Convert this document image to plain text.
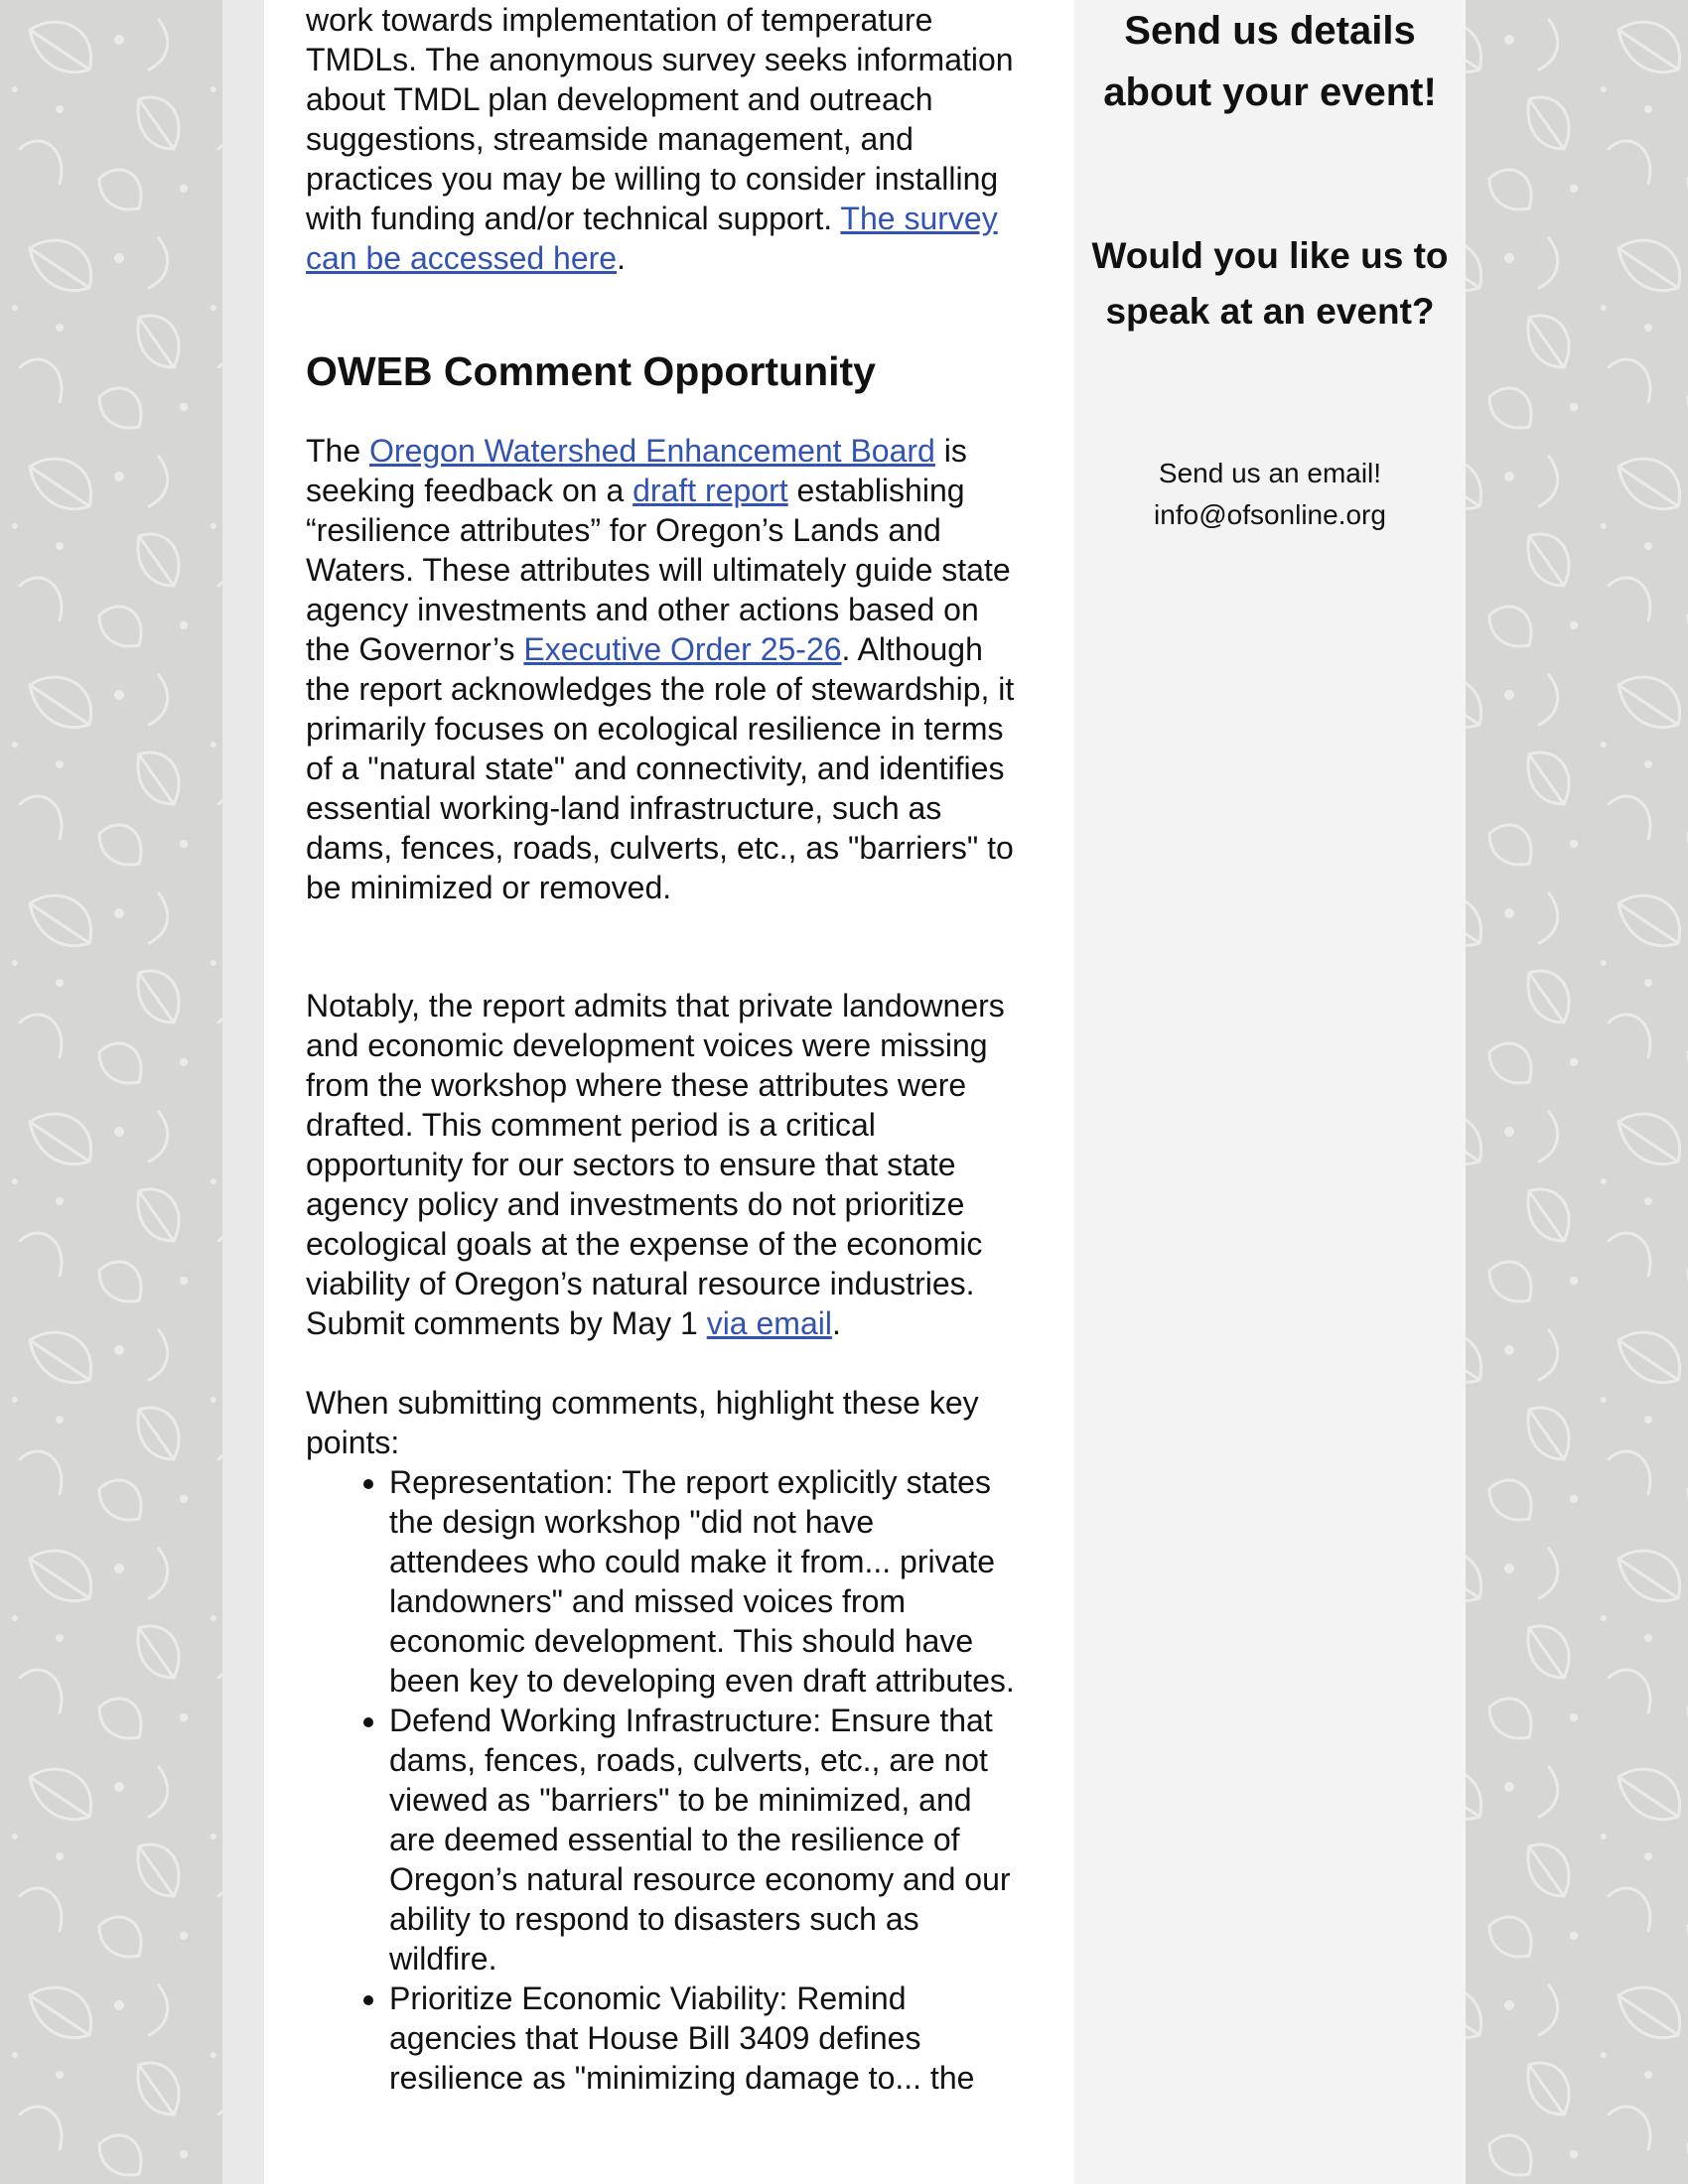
work towards implementation of temperature TMDLs. The anonymous survey seeks information about TMDL plan development and outreach suggestions, streamside management, and practices you may be willing to consider installing with funding and/or technical support. The survey can be accessed here.

OWEB Comment Opportunity

The Oregon Watershed Enhancement Board is seeking feedback on a draft report establishing “resilience attributes” for Oregon’s Lands and Waters. These attributes will ultimately guide state agency investments and other actions based on the Governor’s Executive Order 25-26. Although the report acknowledges the role of stewardship, it primarily focuses on ecological resilience in terms of a "natural state" and connectivity, and identifies essential working-land infrastructure, such as dams, fences, roads, culverts, etc., as "barriers" to be minimized or removed.

Notably, the report admits that private landowners and economic development voices were missing from the workshop where these attributes were drafted. This comment period is a critical opportunity for our sectors to ensure that state agency policy and investments do not prioritize ecological goals at the expense of the economic viability of Oregon’s natural resource industries. Submit comments by May 1 via email.

When submitting comments, highlight these key points:

• Representation: The report explicitly states the design workshop "did not have attendees who could make it from... private landowners" and missed voices from economic development. This should have been key to developing even draft attributes.
• Defend Working Infrastructure: Ensure that dams, fences, roads, culverts, etc., are not viewed as "barriers" to be minimized, and are deemed essential to the resilience of Oregon’s natural resource economy and our ability to respond to disasters such as wildfire.
• Prioritize Economic Viability: Remind agencies that House Bill 3409 defines resilience as "minimizing damage to... the
Send us details about your event!
Would you like us to speak at an event?

Send us an email!
info@ofsonline.org
